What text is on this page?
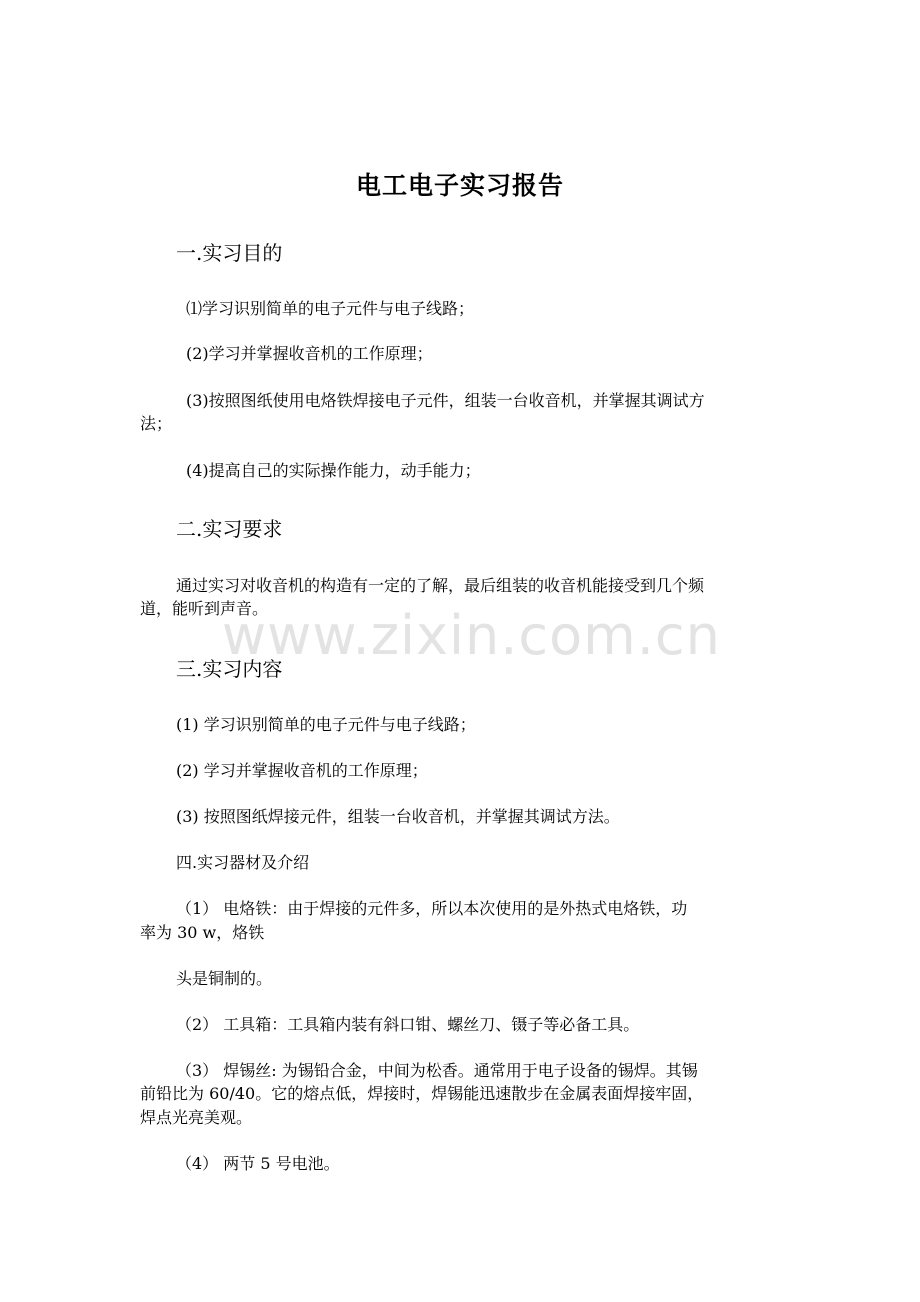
www.zixin.com.cn
电工电子实习报告
一.实习目的
⑴学习识别简单的电子元件与电子线路；
(2)学习并掌握收音机的工作原理；
(3)按照图纸使用电烙铁焊接电子元件，组装一台收音机，并掌握其调试方
法；
(4)提高自己的实际操作能力，动手能力；
二.实习要求
通过实习对收音机的构造有一定的了解，最后组装的收音机能接受到几个频
道，能听到声音。
三.实习内容
(1) 学习识别简单的电子元件与电子线路；
(2) 学习并掌握收音机的工作原理；
(3) 按照图纸焊接元件，组装一台收音机，并掌握其调试方法。
四.实习器材及介绍
（1） 电烙铁：由于焊接的元件多，所以本次使用的是外热式电烙铁，功
率为 30 w，烙铁
头是铜制的。
（2） 工具箱：工具箱内装有斜口钳、螺丝刀、镊子等必备工具。
（3） 焊锡丝: 为锡铅合金，中间为松香。通常用于电子设备的锡焊。其锡
前铅比为 60/40。它的熔点低，焊接时，焊锡能迅速散步在金属表面焊接牢固，
焊点光亮美观。
（4） 两节 5 号电池。
